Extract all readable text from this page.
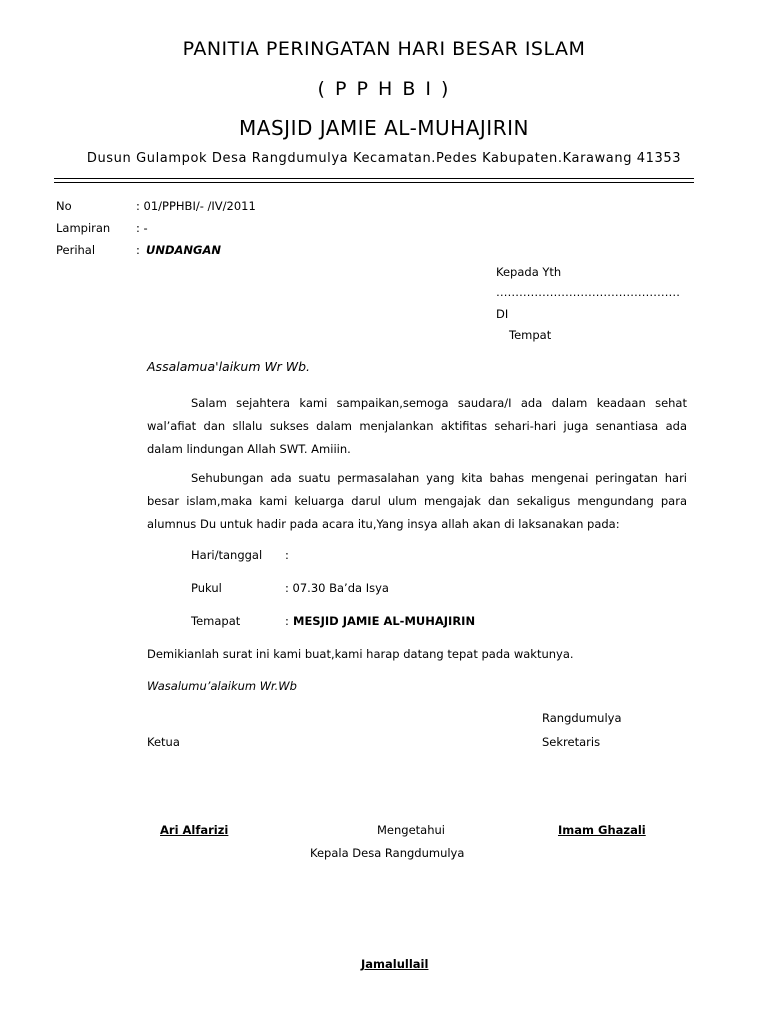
PANITIA PERINGATAN HARI BESAR ISLAM
( P P H B I )
MASJID JAMIE AL-MUHAJIRIN
Dusun Gulampok Desa Rangdumulya Kecamatan.Pedes Kabupaten.Karawang 41353
No	: 01/PPHBI/- /IV/2011
Lampiran : -
Perihal	: UNDANGAN
Kepada Yth
…………………………………………
DI
Tempat
Assalamua'laikum Wr Wb.
Salam sejahtera kami sampaikan,semoga saudara/I ada dalam keadaan sehat
wal’afiat dan sllalu sukses dalam menjalankan aktifitas sehari-hari juga senantiasa ada
dalam lindungan Allah SWT. Amiiin.
Sehubungan ada suatu permasalahan yang kita bahas mengenai peringatan hari
besar islam,maka kami keluarga darul ulum mengajak dan sekaligus mengundang para
alumnus Du untuk hadir pada acara itu,Yang insya allah akan di laksanakan pada:
Hari/tanggal :
Pukul	: 07.30 Ba’da Isya
Temapat	: MESJID JAMIE AL-MUHAJIRIN
Demikianlah surat ini kami buat,kami harap datang tepat pada waktunya.
Wasalumu’alaikum Wr.Wb
Rangdumulya
Ketua	Sekretaris
Ari Alfarizi	Mengetahui	Imam Ghazali
Kepala Desa Rangdumulya
Jamalullail
